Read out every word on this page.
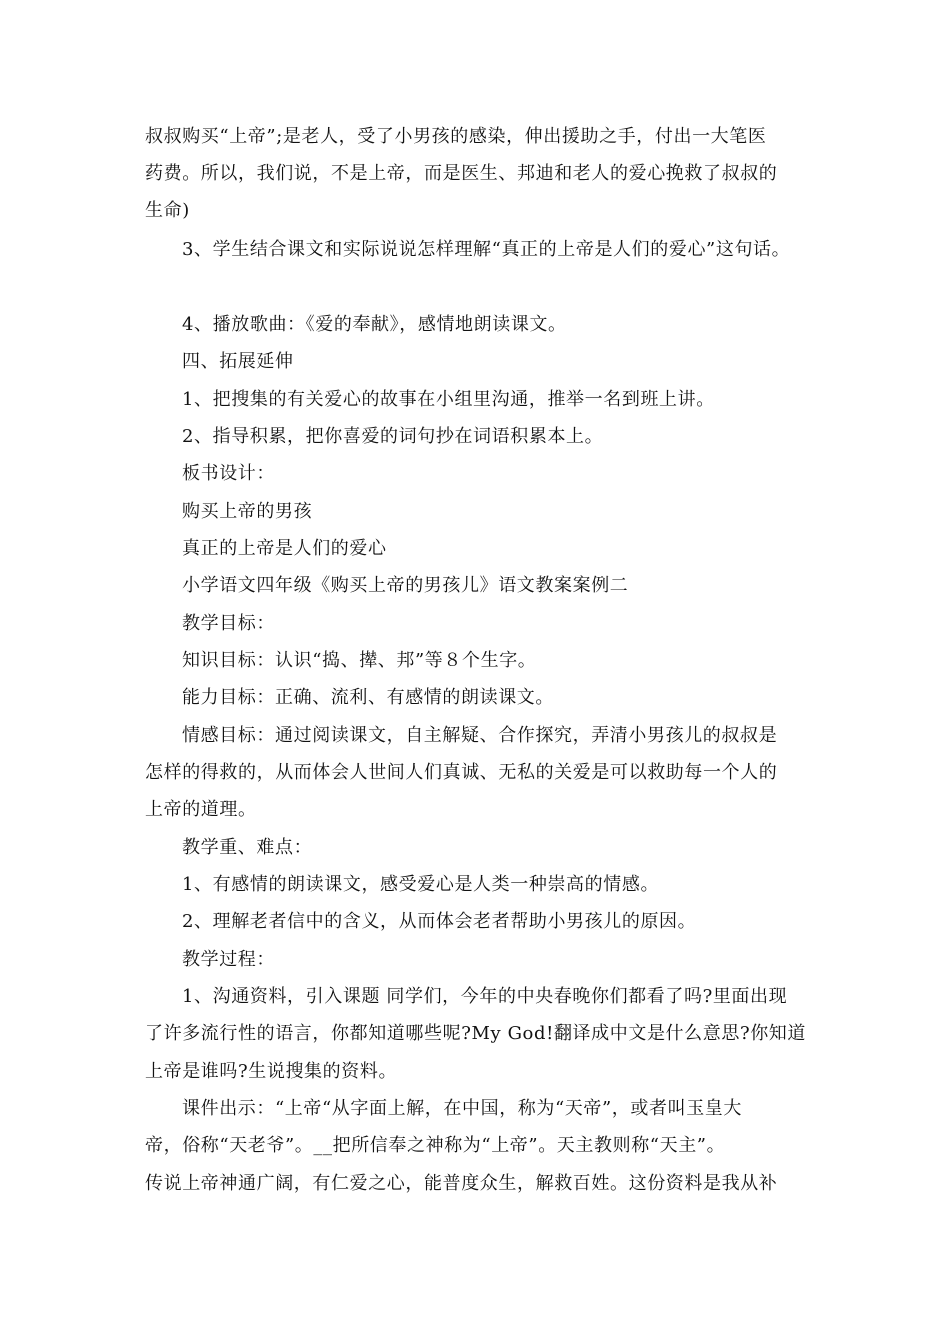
叔叔购买“上帝”;是老人，受了小男孩的感染，伸出援助之手，付出一大笔医
药费。所以，我们说，不是上帝，而是医生、邦迪和老人的爱心挽救了叔叔的
生命)
3、学生结合课文和实际说说怎样理解“真正的上帝是人们的爱心”这句话。
4、播放歌曲：《爱的奉献》，感情地朗读课文。
四、拓展延伸
1、把搜集的有关爱心的故事在小组里沟通，推举一名到班上讲。
2、指导积累，把你喜爱的词句抄在词语积累本上。
板书设计：
购买上帝的男孩
真正的上帝是人们的爱心
小学语文四年级《购买上帝的男孩儿》语文教案案例二
教学目标：
知识目标：认识“捣、撵、邦”等８个生字。
能力目标：正确、流利、有感情的朗读课文。
情感目标：通过阅读课文，自主解疑、合作探究，弄清小男孩儿的叔叔是
怎样的得救的，从而体会人世间人们真诚、无私的关爱是可以救助每一个人的
上帝的道理。
教学重、难点：
1、有感情的朗读课文，感受爱心是人类一种崇高的情感。
2、理解老者信中的含义，从而体会老者帮助小男孩儿的原因。
教学过程：
1、沟通资料，引入课题 同学们，今年的中央春晚你们都看了吗?里面出现
了许多流行性的语言，你都知道哪些呢?My God!翻译成中文是什么意思?你知道
上帝是谁吗?生说搜集的资料。
课件出示：“上帝“从字面上解，在中国，称为“天帝”，或者叫玉皇大
帝，俗称“天老爷”。__把所信奉之神称为“上帝”。天主教则称“天主”。
传说上帝神通广阔，有仁爱之心，能普度众生，解救百姓。这份资料是我从补
